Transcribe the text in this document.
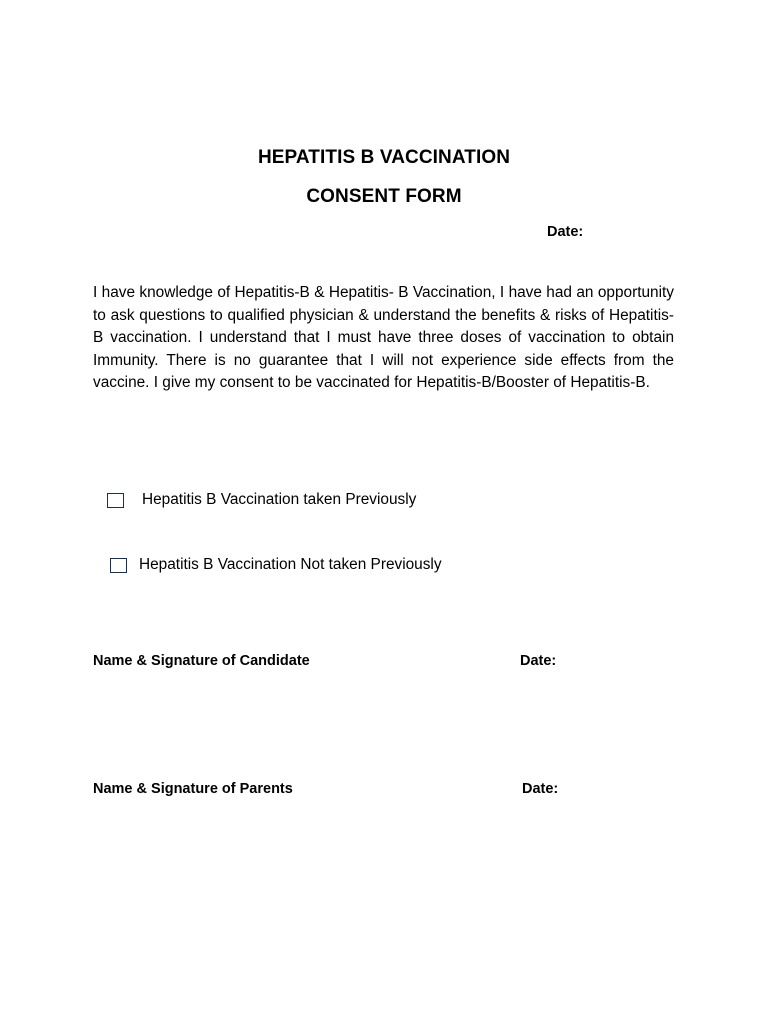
HEPATITIS B VACCINATION
CONSENT FORM
Date:
I have knowledge of Hepatitis-B & Hepatitis- B Vaccination, I have had an opportunity to ask questions to qualified physician & understand the benefits & risks of Hepatitis-B vaccination. I understand that I must have three doses of vaccination to obtain Immunity. There is no guarantee that I will not experience side effects from the vaccine. I give my consent to be vaccinated for Hepatitis-B/Booster of Hepatitis-B.
Hepatitis B Vaccination taken Previously
Hepatitis B Vaccination Not taken Previously
Name & Signature of Candidate	Date:
Name & Signature of Parents	Date:
